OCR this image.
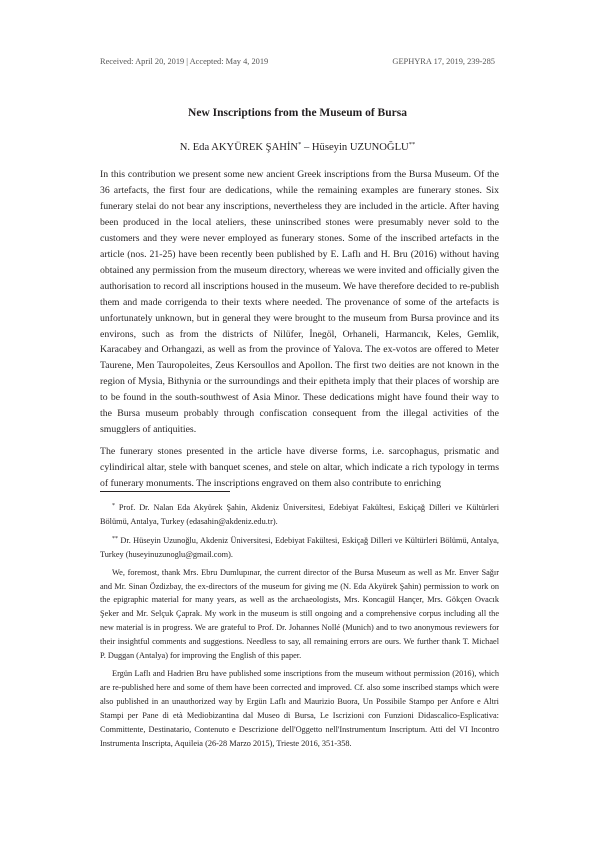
Received: April 20, 2019 | Accepted: May 4, 2019	GEPHYRA 17, 2019, 239-285
New Inscriptions from the Museum of Bursa
N. Eda AKYÜREK ŞAHİN* – Hüseyin UZUNOĞLU**

In this contribution we present some new ancient Greek inscriptions from the Bursa Museum. Of the 36 artefacts, the first four are dedications, while the remaining examples are funerary stones. Six funerary stelai do not bear any inscriptions, nevertheless they are included in the article. After having been produced in the local ateliers, these uninscribed stones were presumably never sold to the customers and they were never employed as funerary stones. Some of the inscribed artefacts in the article (nos. 21-25) have been recently been published by E. Laflı and H. Bru (2016) without having obtained any permission from the museum directory, whereas we were invited and officially given the authorisation to record all inscriptions housed in the museum. We have therefore decided to re-publish them and made corrigenda to their texts where needed. The provenance of some of the artefacts is unfortunately unknown, but in general they were brought to the museum from Bursa province and its environs, such as from the districts of Nilüfer, İnegöl, Orhaneli, Harmancık, Keles, Gemlik, Karacabey and Orhangazi, as well as from the province of Yalova. The ex-votos are offered to Meter Taurene, Men Tauropoleites, Zeus Kersoullos and Apollon. The first two deities are not known in the region of Mysia, Bithynia or the surroundings and their epitheta imply that their places of worship are to be found in the south-southwest of Asia Minor. These dedications might have found their way to the Bursa museum probably through confiscation consequent from the illegal activities of the smugglers of antiquities.

The funerary stones presented in the article have diverse forms, i.e. sarcophagus, prismatic and cylindirical altar, stele with banquet scenes, and stele on altar, which indicate a rich typology in terms of funerary monuments. The inscriptions engraved on them also contribute to enriching

* Prof. Dr. Nalan Eda Akyürek Şahin, Akdeniz Üniversitesi, Edebiyat Fakültesi, Eskiçağ Dilleri ve Kültürleri Bölümü, Antalya, Turkey (edasahin@akdeniz.edu.tr).

** Dr. Hüseyin Uzunoğlu, Akdeniz Üniversitesi, Edebiyat Fakültesi, Eskiçağ Dilleri ve Kültürleri Bölümü, Antalya, Turkey (huseyinuzunoglu@gmail.com).

We, foremost, thank Mrs. Ebru Dumlupınar, the current director of the Bursa Museum as well as Mr. Enver Sağır and Mr. Sinan Özdizbay, the ex-directors of the museum for giving me (N. Eda Akyürek Şahin) permission to work on the epigraphic material for many years, as well as the archaeologists, Mrs. Koncagül Hançer, Mrs. Gökçen Ovacık Şeker and Mr. Selçuk Çaprak. My work in the museum is still ongoing and a comprehensive corpus including all the new material is in progress. We are grateful to Prof. Dr. Johannes Nollé (Munich) and to two anonymous reviewers for their insightful comments and suggestions. Needless to say, all remaining errors are ours. We further thank T. Michael P. Duggan (Antalya) for improving the English of this paper.

Ergün Laflı and Hadrien Bru have published some inscriptions from the museum without permission (2016), which are re-published here and some of them have been corrected and improved. Cf. also some inscribed stamps which were also published in an unauthorized way by Ergün Laflı and Maurizio Buora, Un Possibile Stampo per Anfore e Altri Stampi per Pane di età Mediobizantina dal Museo di Bursa, Le Iscrizioni con Funzioni Didascalico-Esplicativa: Committente, Destinatario, Contenuto e Descrizione dell'Oggetto nell'Instrumentum Inscriptum. Atti del VI Incontro Instrumenta Inscripta, Aquileia (26-28 Marzo 2015), Trieste 2016, 351-358.
